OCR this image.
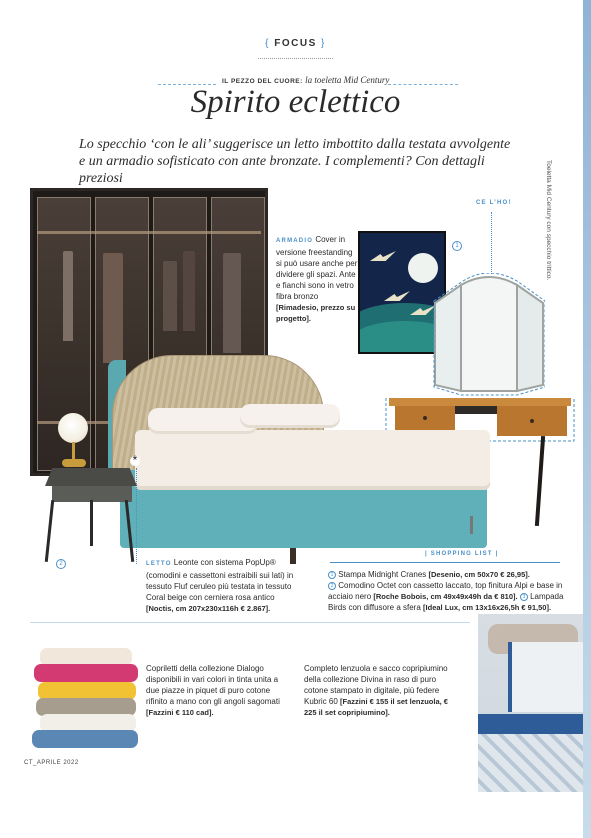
{ FOCUS }
IL PEZZO DEL CUORE: la toeletta Mid Century
Spirito eclettico
Lo specchio ‘con le ali’ suggerisce un letto imbottito dalla testata avvolgente e un armadio sofisticato con ante bronzate. I complementi? Con dettagli preziosi	Toeletta Mid Century con specchio trittico.
ARMADIO Cover in versione freestanding si può usare anche per dividere gli spazi. Ante e fianchi sono in vetro fibra bronzo [Rimadesio, prezzo su progetto].
1
CE L’HO!
*
2	LETTO Leonte con sistema PopUp® (comodini e cassettoni estraibili sui lati) in tessuto Fluf ceruleo più testata in tessuto Coral beige con cerniera rosa antico [Noctis, cm 207x230x116h € 2.867].
| SHOPPING LIST |
1 Stampa Midnight Cranes [Desenio, cm 50x70 € 26,95].
2 Comodino Octet con cassetto laccato, top finitura Alpi e base in acciaio nero [Roche Bobois, cm 49x49x49h da € 810]. 3 Lampada Birds con diffusore a sfera [Ideal Lux, cm 13x16x26,5h € 91,50].
Copriletti della collezione Dialogo disponibili in vari colori in tinta unita a due piazze in piquet di puro cotone rifinito a mano con gli angoli sagomati [Fazzini € 110 cad].
Completo lenzuola e sacco copripiumino della collezione Divina in raso di puro cotone stampato in digitale, più federe Kubric 60 [Fazzini € 155 il set lenzuola, € 225 il set copripiumino].
CT_APRILE 2022
